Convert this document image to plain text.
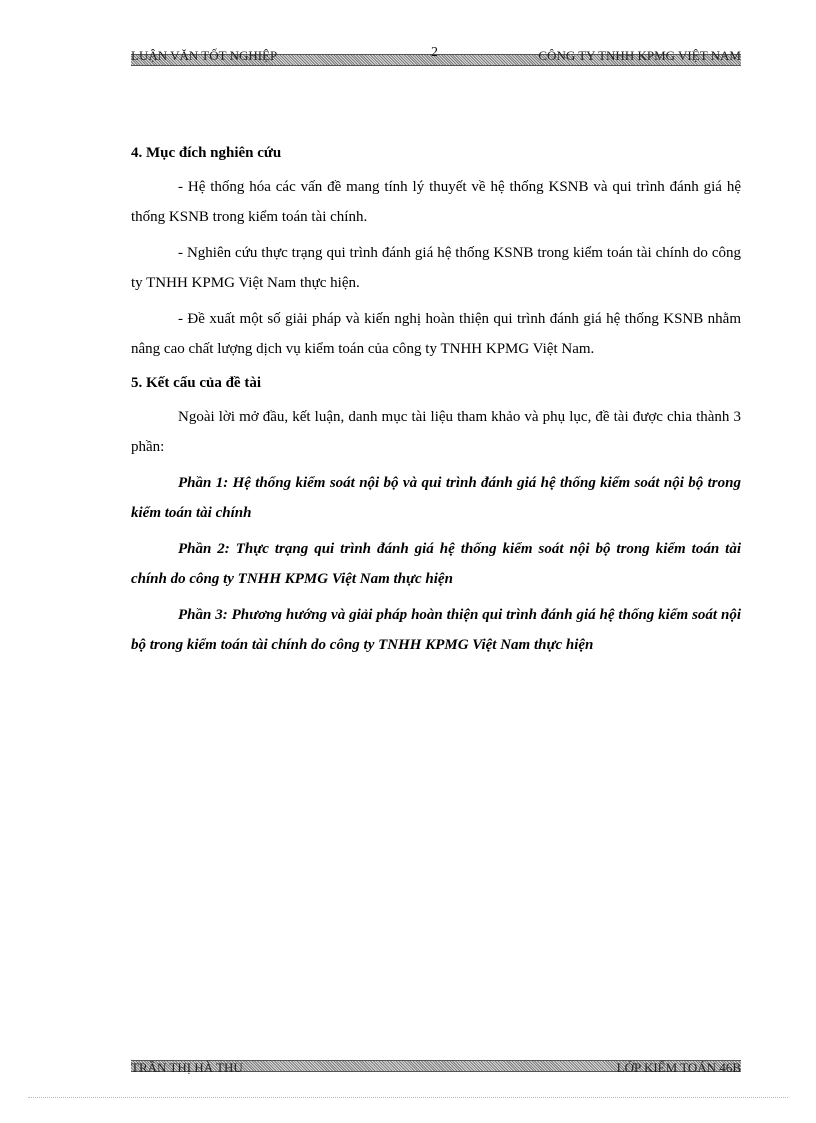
LUẬN VĂN TỐT NGHIỆP	2	CÔNG TY TNHH KPMG VIỆT NAM
4. Mục đích nghiên cứu

- Hệ thống hóa các vấn đề mang tính lý thuyết về hệ thống KSNB và qui trình đánh giá hệ thống KSNB trong kiểm toán tài chính.

- Nghiên cứu thực trạng qui trình đánh giá hệ thống KSNB trong kiểm toán tài chính do công ty TNHH KPMG Việt Nam thực hiện.

- Đề xuất một số giải pháp và kiến nghị hoàn thiện qui trình đánh giá hệ thống KSNB nhằm nâng cao chất lượng dịch vụ kiểm toán của công ty TNHH KPMG Việt Nam.

5. Kết cấu của đề tài

Ngoài lời mở đầu, kết luận, danh mục tài liệu tham khảo và phụ lục, đề tài được chia thành 3 phần:

Phần 1: Hệ thống kiểm soát nội bộ và qui trình đánh giá hệ thống kiểm soát nội bộ trong kiểm toán tài chính

Phần 2: Thực trạng qui trình đánh giá hệ thống kiểm soát nội bộ trong kiểm toán tài chính do công ty TNHH KPMG Việt Nam thực hiện

Phần 3: Phương hướng và giải pháp hoàn thiện qui trình đánh giá hệ thống kiểm soát nội bộ trong kiểm toán tài chính do công ty TNHH KPMG Việt Nam thực hiện

TRẦN THỊ HÀ THU	LỚP KIỂM TOÁN 46B
